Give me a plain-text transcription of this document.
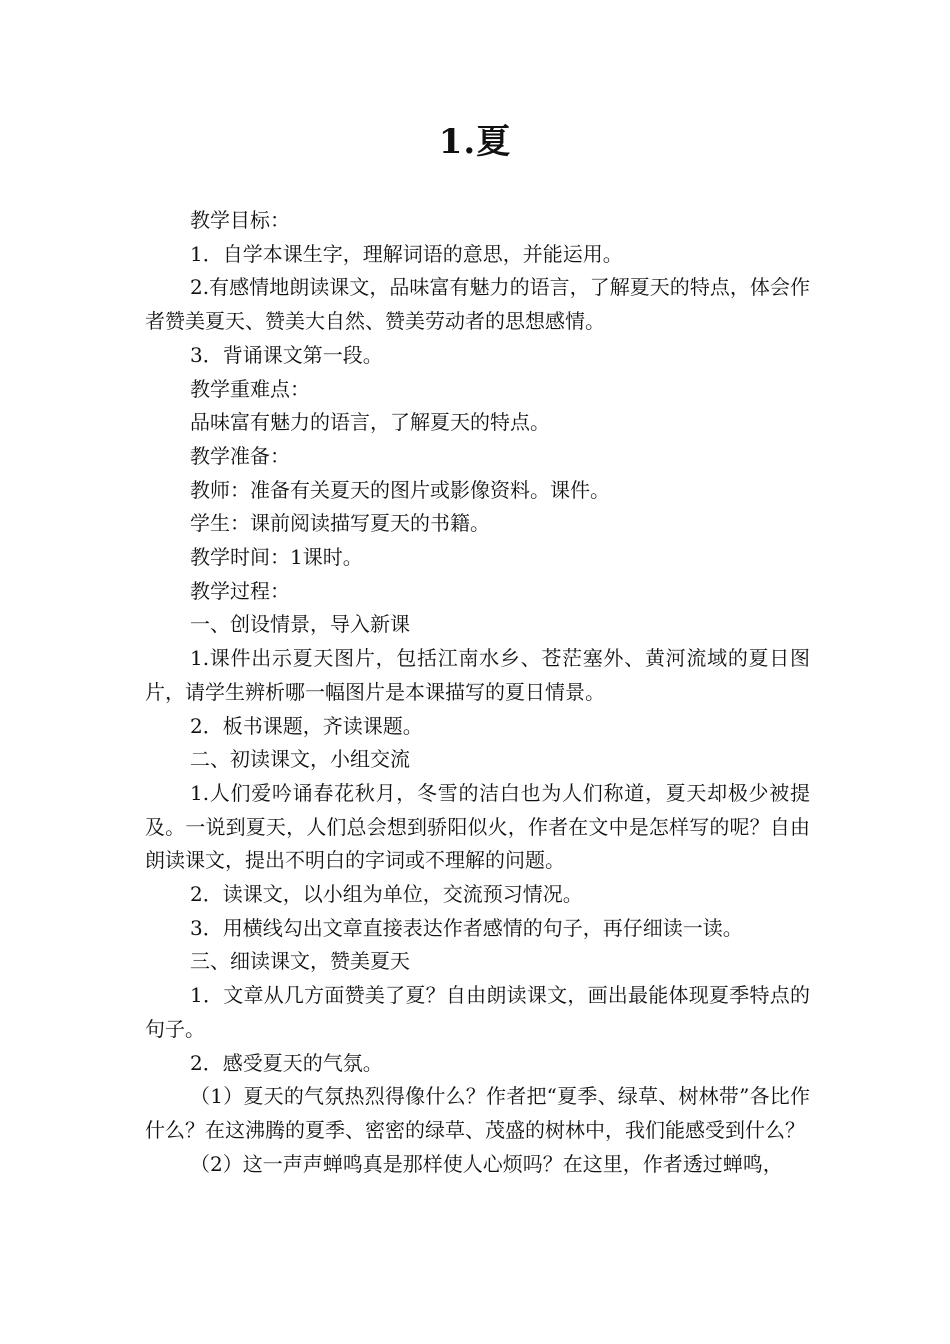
1.夏

教学目标：

1．自学本课生字，理解词语的意思，并能运用。

2.有感情地朗读课文，品味富有魅力的语言，了解夏天的特点，体会作者赞美夏天、赞美大自然、赞美劳动者的思想感情。

3．背诵课文第一段。

教学重难点：

品味富有魅力的语言，了解夏天的特点。

教学准备：

教师：准备有关夏天的图片或影像资料。课件。

学生：课前阅读描写夏天的书籍。

教学时间：1课时。

教学过程：

一、创设情景，导入新课

1.课件出示夏天图片，包括江南水乡、苍茫塞外、黄河流域的夏日图片，请学生辨析哪一幅图片是本课描写的夏日情景。

2．板书课题，齐读课题。

二、初读课文，小组交流

1.人们爱吟诵春花秋月，冬雪的洁白也为人们称道，夏天却极少被提及。一说到夏天，人们总会想到骄阳似火，作者在文中是怎样写的呢？自由朗读课文，提出不明白的字词或不理解的问题。

2．读课文，以小组为单位，交流预习情况。

3．用横线勾出文章直接表达作者感情的句子，再仔细读一读。

三、细读课文，赞美夏天

1．文章从几方面赞美了夏？自由朗读课文，画出最能体现夏季特点的句子。

2．感受夏天的气氛。

（1）夏天的气氛热烈得像什么？作者把“夏季、绿草、树林带”各比作什么？在这沸腾的夏季、密密的绿草、茂盛的树林中，我们能感受到什么？

（2）这一声声蝉鸣真是那样使人心烦吗？在这里，作者透过蝉鸣，
